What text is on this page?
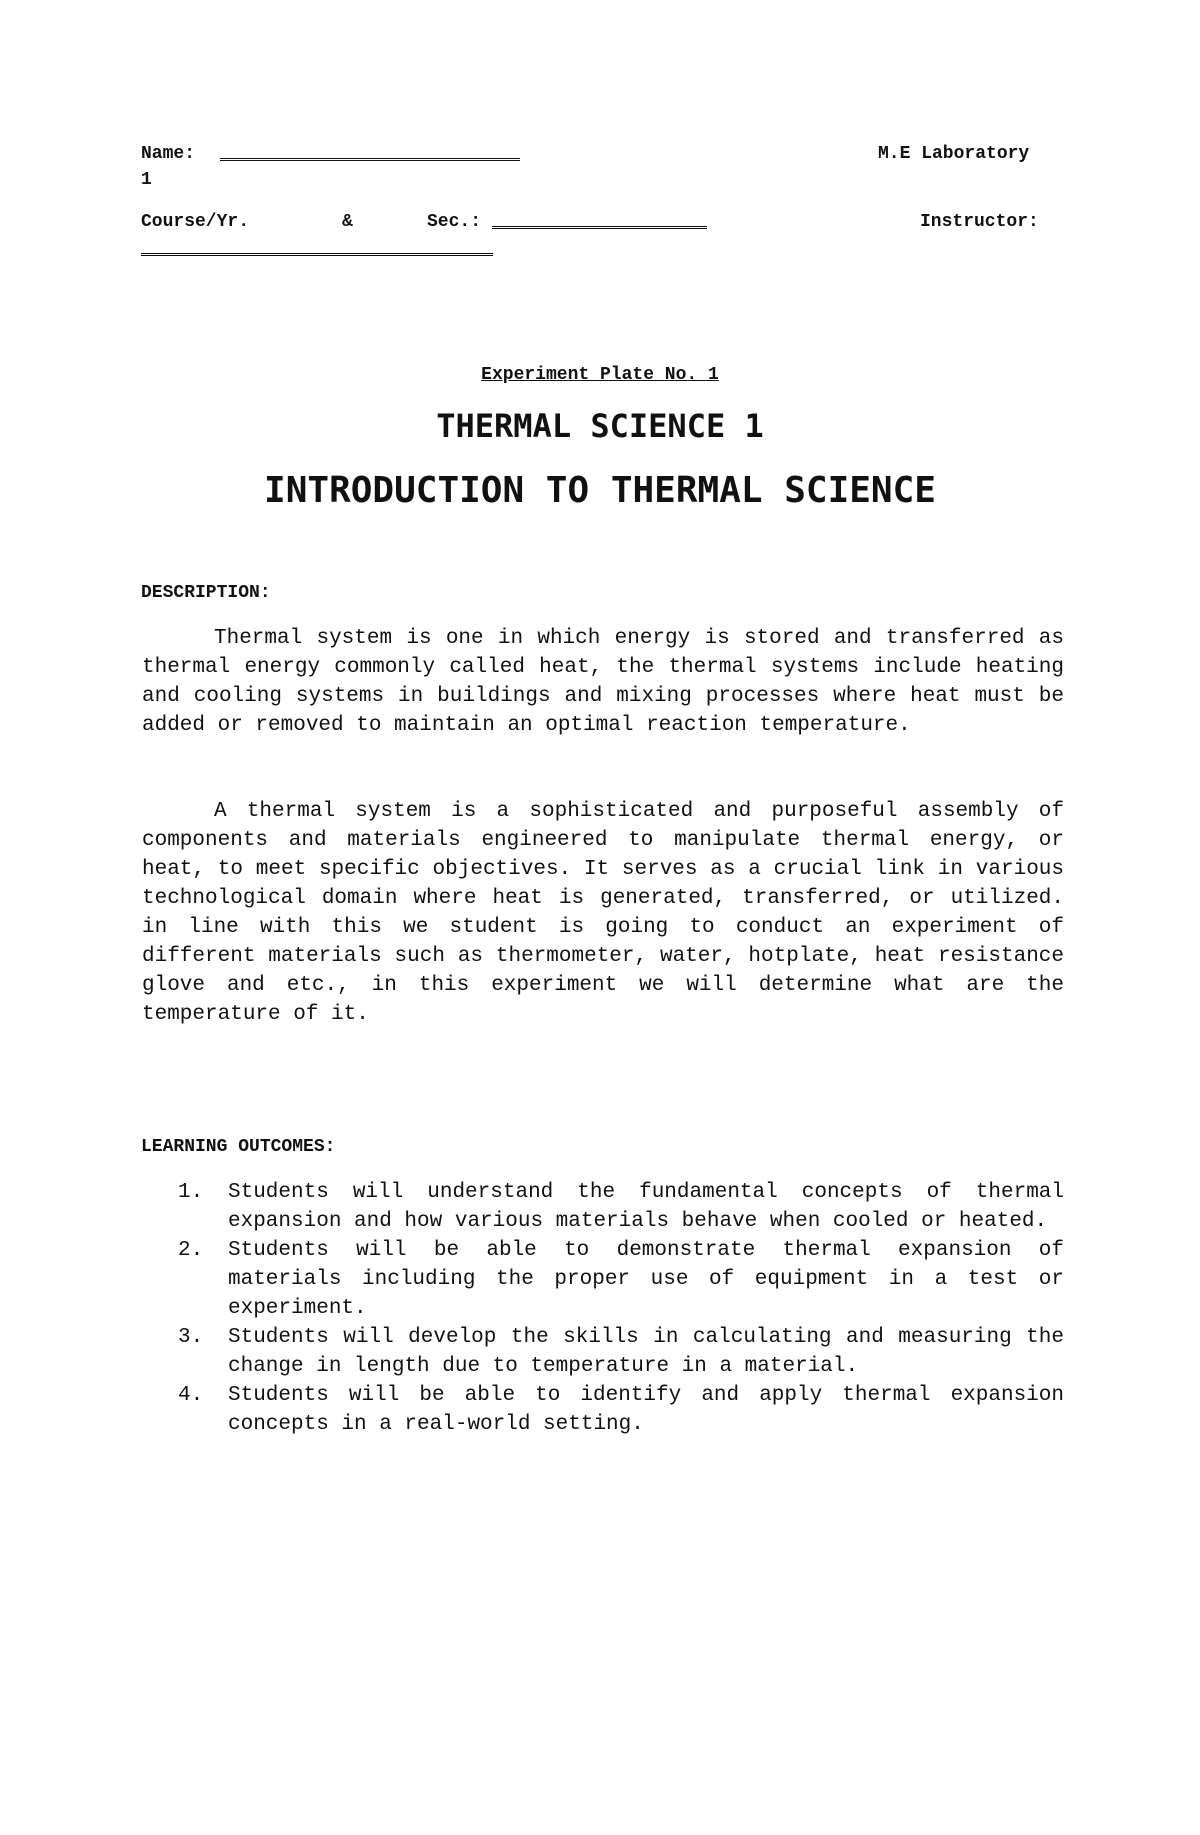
Name:	M.E Laboratory
1
Course/Yr.	&	Sec.:	Instructor:
Experiment Plate No. 1
THERMAL SCIENCE 1
INTRODUCTION TO THERMAL SCIENCE
DESCRIPTION:

Thermal system is one in which energy is stored and transferred as thermal energy commonly called heat, the thermal systems include heating and cooling systems in buildings and mixing processes where heat must be added or removed to maintain an optimal reaction temperature.

A thermal system is a sophisticated and purposeful assembly of components and materials engineered to manipulate thermal energy, or heat, to meet specific objectives. It serves as a crucial link in various technological domain where heat is generated, transferred, or utilized. in line with this we student is going to conduct an experiment of different materials such as thermometer, water, hotplate, heat resistance glove and etc., in this experiment we will determine what are the temperature of it.

LEARNING OUTCOMES:
1. Students will understand the fundamental concepts of thermal expansion and how various materials behave when cooled or heated.
2. Students will be able to demonstrate thermal expansion of materials including the proper use of equipment in a test or experiment.
3. Students will develop the skills in calculating and measuring the change in length due to temperature in a material.
4. Students will be able to identify and apply thermal expansion concepts in a real-world setting.
